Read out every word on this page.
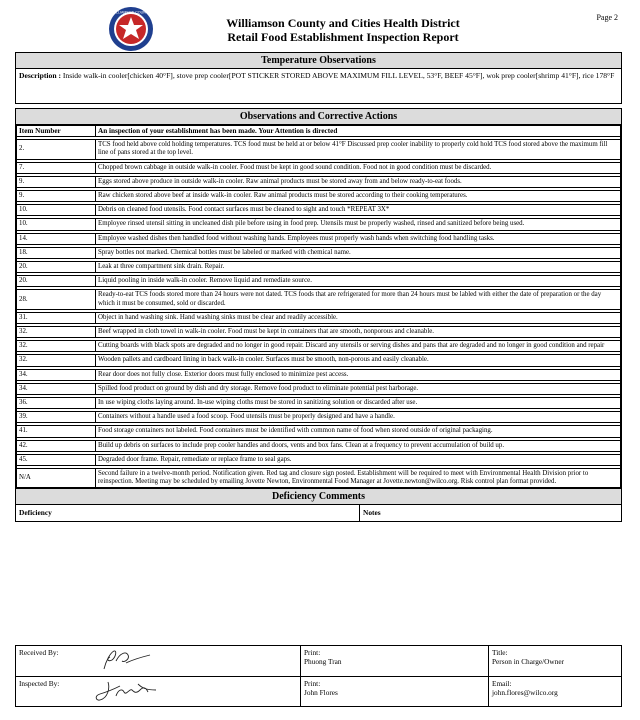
WILLIAMSON COUNTY
Page 2
Williamson County and Cities Health District
Retail Food Establishment Inspection Report
Temperature Observations
Description : Inside walk-in cooler[chicken 40°F], stove prep cooler[POT STICKER STORED ABOVE MAXIMUM FILL LEVEL, 53°F, BEEF 45°F], wok prep cooler[shrimp 41°F], rice 178°F
Observations and Corrective Actions
Item Number	An inspection of your establishment has been made. Your Attention is directed

2.	TCS food held above cold holding temperatures. TCS food must be held at or below 41°F Discussed prep cooler inability to properly cold hold TCS food stored above the maximum fill line of pans stored at the top level.

7.	Chopped brown cabbage in outside walk-in cooler. Food must be kept in good sound condition. Food not in good condition must be discarded.

9.	Eggs stored above produce in outside walk-in cooler. Raw animal products must be stored away from and below ready-to-eat foods.

9.	Raw chicken stored above beef at inside walk-in cooler. Raw animal products must be stored according to their cooking temperatures.

10.	Debris on cleaned food utensils. Food contact surfaces must be cleaned to sight and touch *REPEAT 3X*

10.	Employee rinsed utensil sitting in uncleaned dish pile before using in food prep. Utensils must be properly washed, rinsed and sanitized before being used.

14.	Employee washed dishes then handled food without washing hands. Employees must properly wash hands when switching food handling tasks.

18.	Spray bottles not marked. Chemical bottles must be labeled or marked with chemical name.

20.	Leak at three compartment sink drain. Repair.

20.	Liquid pooling in inside walk-in cooler. Remove liquid and remediate source.

28.	Ready-to-eat TCS foods stored more than 24 hours were not dated. TCS foods that are refrigerated for more than 24 hours must be labled with either the date of preparation or the day which it must be consumed, sold or discarded.

31.	Object in hand washing sink. Hand washing sinks must be clear and readily accessible.

32.	Beef wrapped in cloth towel in walk-in cooler. Food must be kept in containers that are smooth, nonporous and cleanable.

32.	Cutting boards with black spots are degraded and no longer in good repair. Discard any utensils or serving dishes and pans that are degraded and no longer in good condition and repair

32.	Wooden pallets and cardboard lining in back walk-in cooler. Surfaces must be smooth, non-porous and easily cleanable.

34.	Rear door does not fully close. Exterior doors must fully enclosed to minimize pest access.

34.	Spilled food product on ground by dish and dry storage. Remove food product to eliminate potential pest harborage.

36.	In use wiping cloths laying around. In-use wiping cloths must be stored in sanitizing solution or discarded after use.

39.	Containers without a handle used a food scoop. Food utensils must be properly designed and have a handle.

41.	Food storage containers not labeled. Food containers must be identified with common name of food when stored outside of original packaging.

42.	Build up debris on surfaces to include prep cooler handles and doors, vents and box fans. Clean at a frequency to prevent accumulation of build up.

45.	Degraded door frame. Repair, remediate or replace frame to seal gaps.

N/A	Second failure in a twelve-month period. Notification given. Red tag and closure sign posted. Establishment will be required to meet with Environmental Health Division prior to reinspection. Meeting may be scheduled by emailing Jovette Newton, Environmental Food Manager at Jovette.newton@wilco.org. Risk control plan format provided.
Deficiency Comments
Deficiency	Notes
Received By:	Print:
Phuong Tran
Title:
Person in Charge/Owner
Inspected By:	Print:
John Flores
Email:
john.flores@wilco.org
